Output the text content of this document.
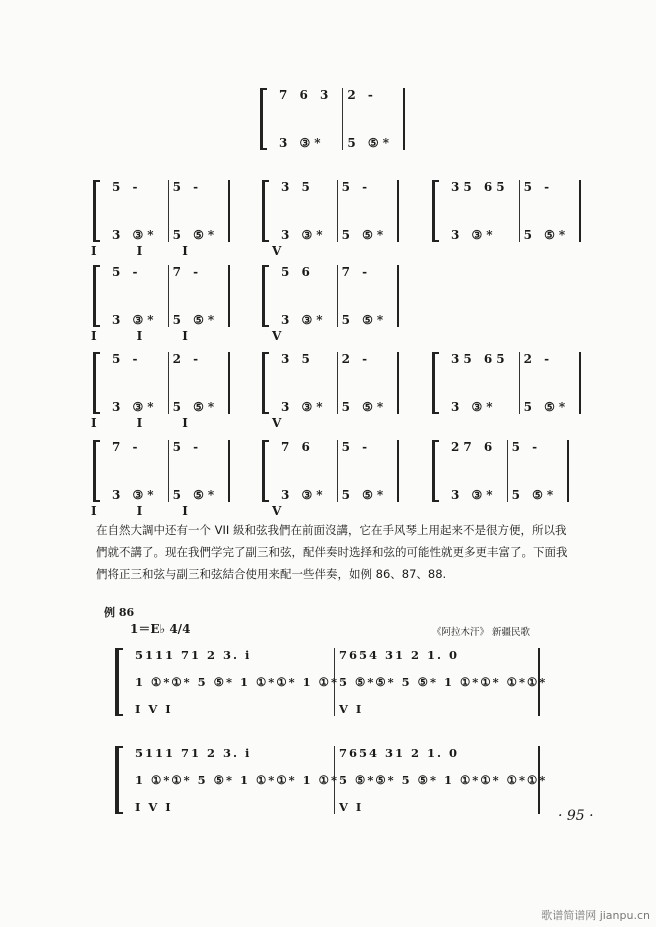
7 6 3
3 ③*
2 -
5 ⑤*
5 -
3 ③*
5 -
5 ⑤*
III V
3 5
3 ③*
5 -
5 ⑤*
35 65
3 ③*
5 -
5 ⑤*
5 -
3 ③*
7 -
5 ⑤*
III V
5 6
3 ③*
7 -
5 ⑤*
5 -
3 ③*
2 -
5 ⑤*
III V
3 5
3 ③*
2 -
5 ⑤*
35 65
3 ③*
2 -
5 ⑤*
7 -
3 ③*
5 -
5 ⑤*
III V
7 6
3 ③*
5 -
5 ⑤*
27 6
3 ③*
5 -
5 ⑤*
在自然大調中还有一个 VII 級和弦我們在前面沒講，它在手风琴上用起来不是很方便，所以我們就不講了。现在我們学完了副三和弦，配伴奏时选择和弦的可能性就更多更丰富了。下面我們将正三和弦与副三和弦結合使用来配一些伴奏，如例 86、87、88.
例 86
1＝E♭ 4/4	《阿拉木汗》 新疆民歌
5111 71 2 3. i
1 ①*①* 5 ⑤* 1 ①*①* 1 ①*
I V I
7654 31 2 1. 0
5 ⑤*⑤* 5 ⑤* 1 ①*①* ①*①*
V I
5111 71 2 3. i
1 ①*①* 5 ⑤* 1 ①*①* 1 ①*
I V I
7654 31 2 1. 0
5 ⑤*⑤* 5 ⑤* 1 ①*①* ①*①*
V I
· 95 ·
歌谱简谱网 jianpu.cn
